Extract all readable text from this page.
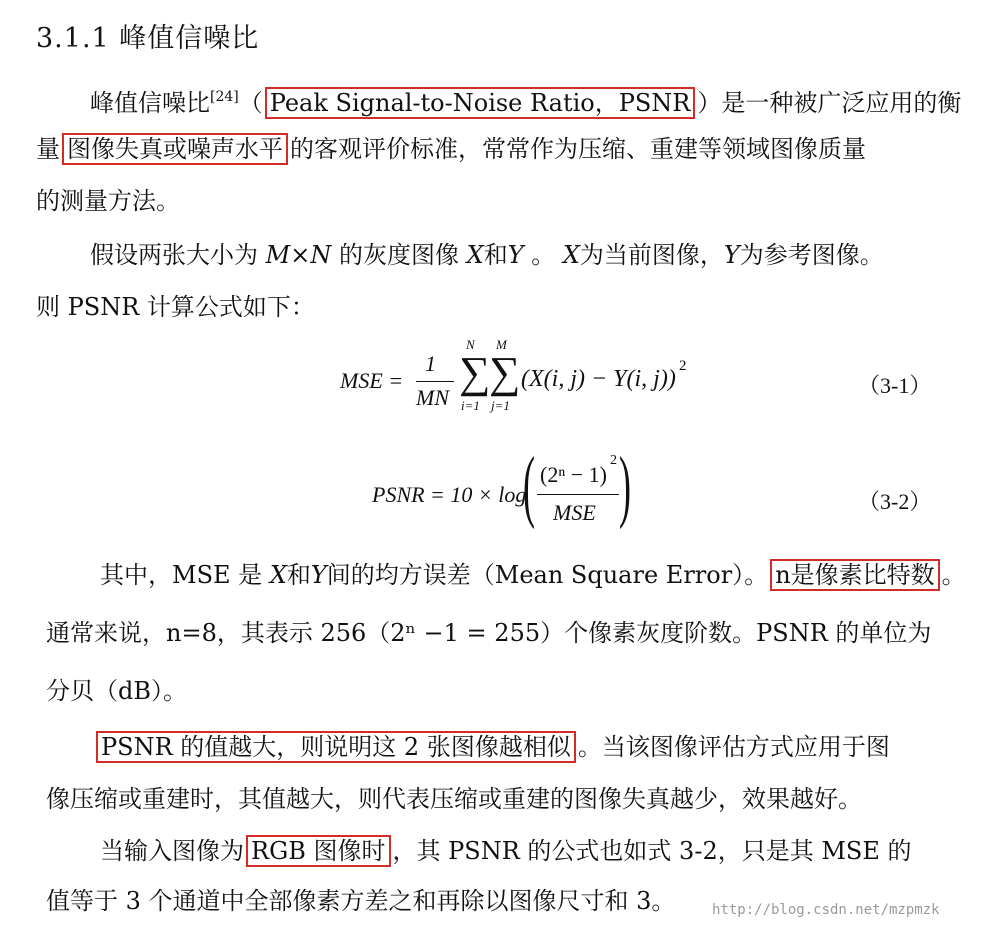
3.1.1 峰值信噪比
峰值信噪比[24]（ Peak Signal-to-Noise Ratio，PSNR ）是一种被广泛应用的衡
量 图像失真或噪声水平 的客观评价标准，常常作为压缩、重建等领域图像质量
的测量方法。
假设两张大小为 M×N 的灰度图像 X和Y 。 X为当前图像，Y为参考图像。
则 PSNR 计算公式如下：
MSE =
1
MN
N
∑
i=1
M
∑
j=1
(X(i, j) − Y(i, j)) 2
（3-1）
PSNR = 10 × log
( (2ⁿ − 1)
2
MSE )	（3-2）
其中，MSE 是 X和Y间的均方误差（Mean Square Error）。 n是像素比特数 。
通常来说，n=8，其表示 256（2ⁿ −1 = 255）个像素灰度阶数。PSNR 的单位为
分贝（dB）。
PSNR 的值越大，则说明这 2 张图像越相似 。当该图像评估方式应用于图
像压缩或重建时，其值越大，则代表压缩或重建的图像失真越少，效果越好。
当输入图像为 RGB 图像时 ，其 PSNR 的公式也如式 3-2，只是其 MSE 的
值等于 3 个通道中全部像素方差之和再除以图像尺寸和 3。	http://blog.csdn.net/mzpmzk
